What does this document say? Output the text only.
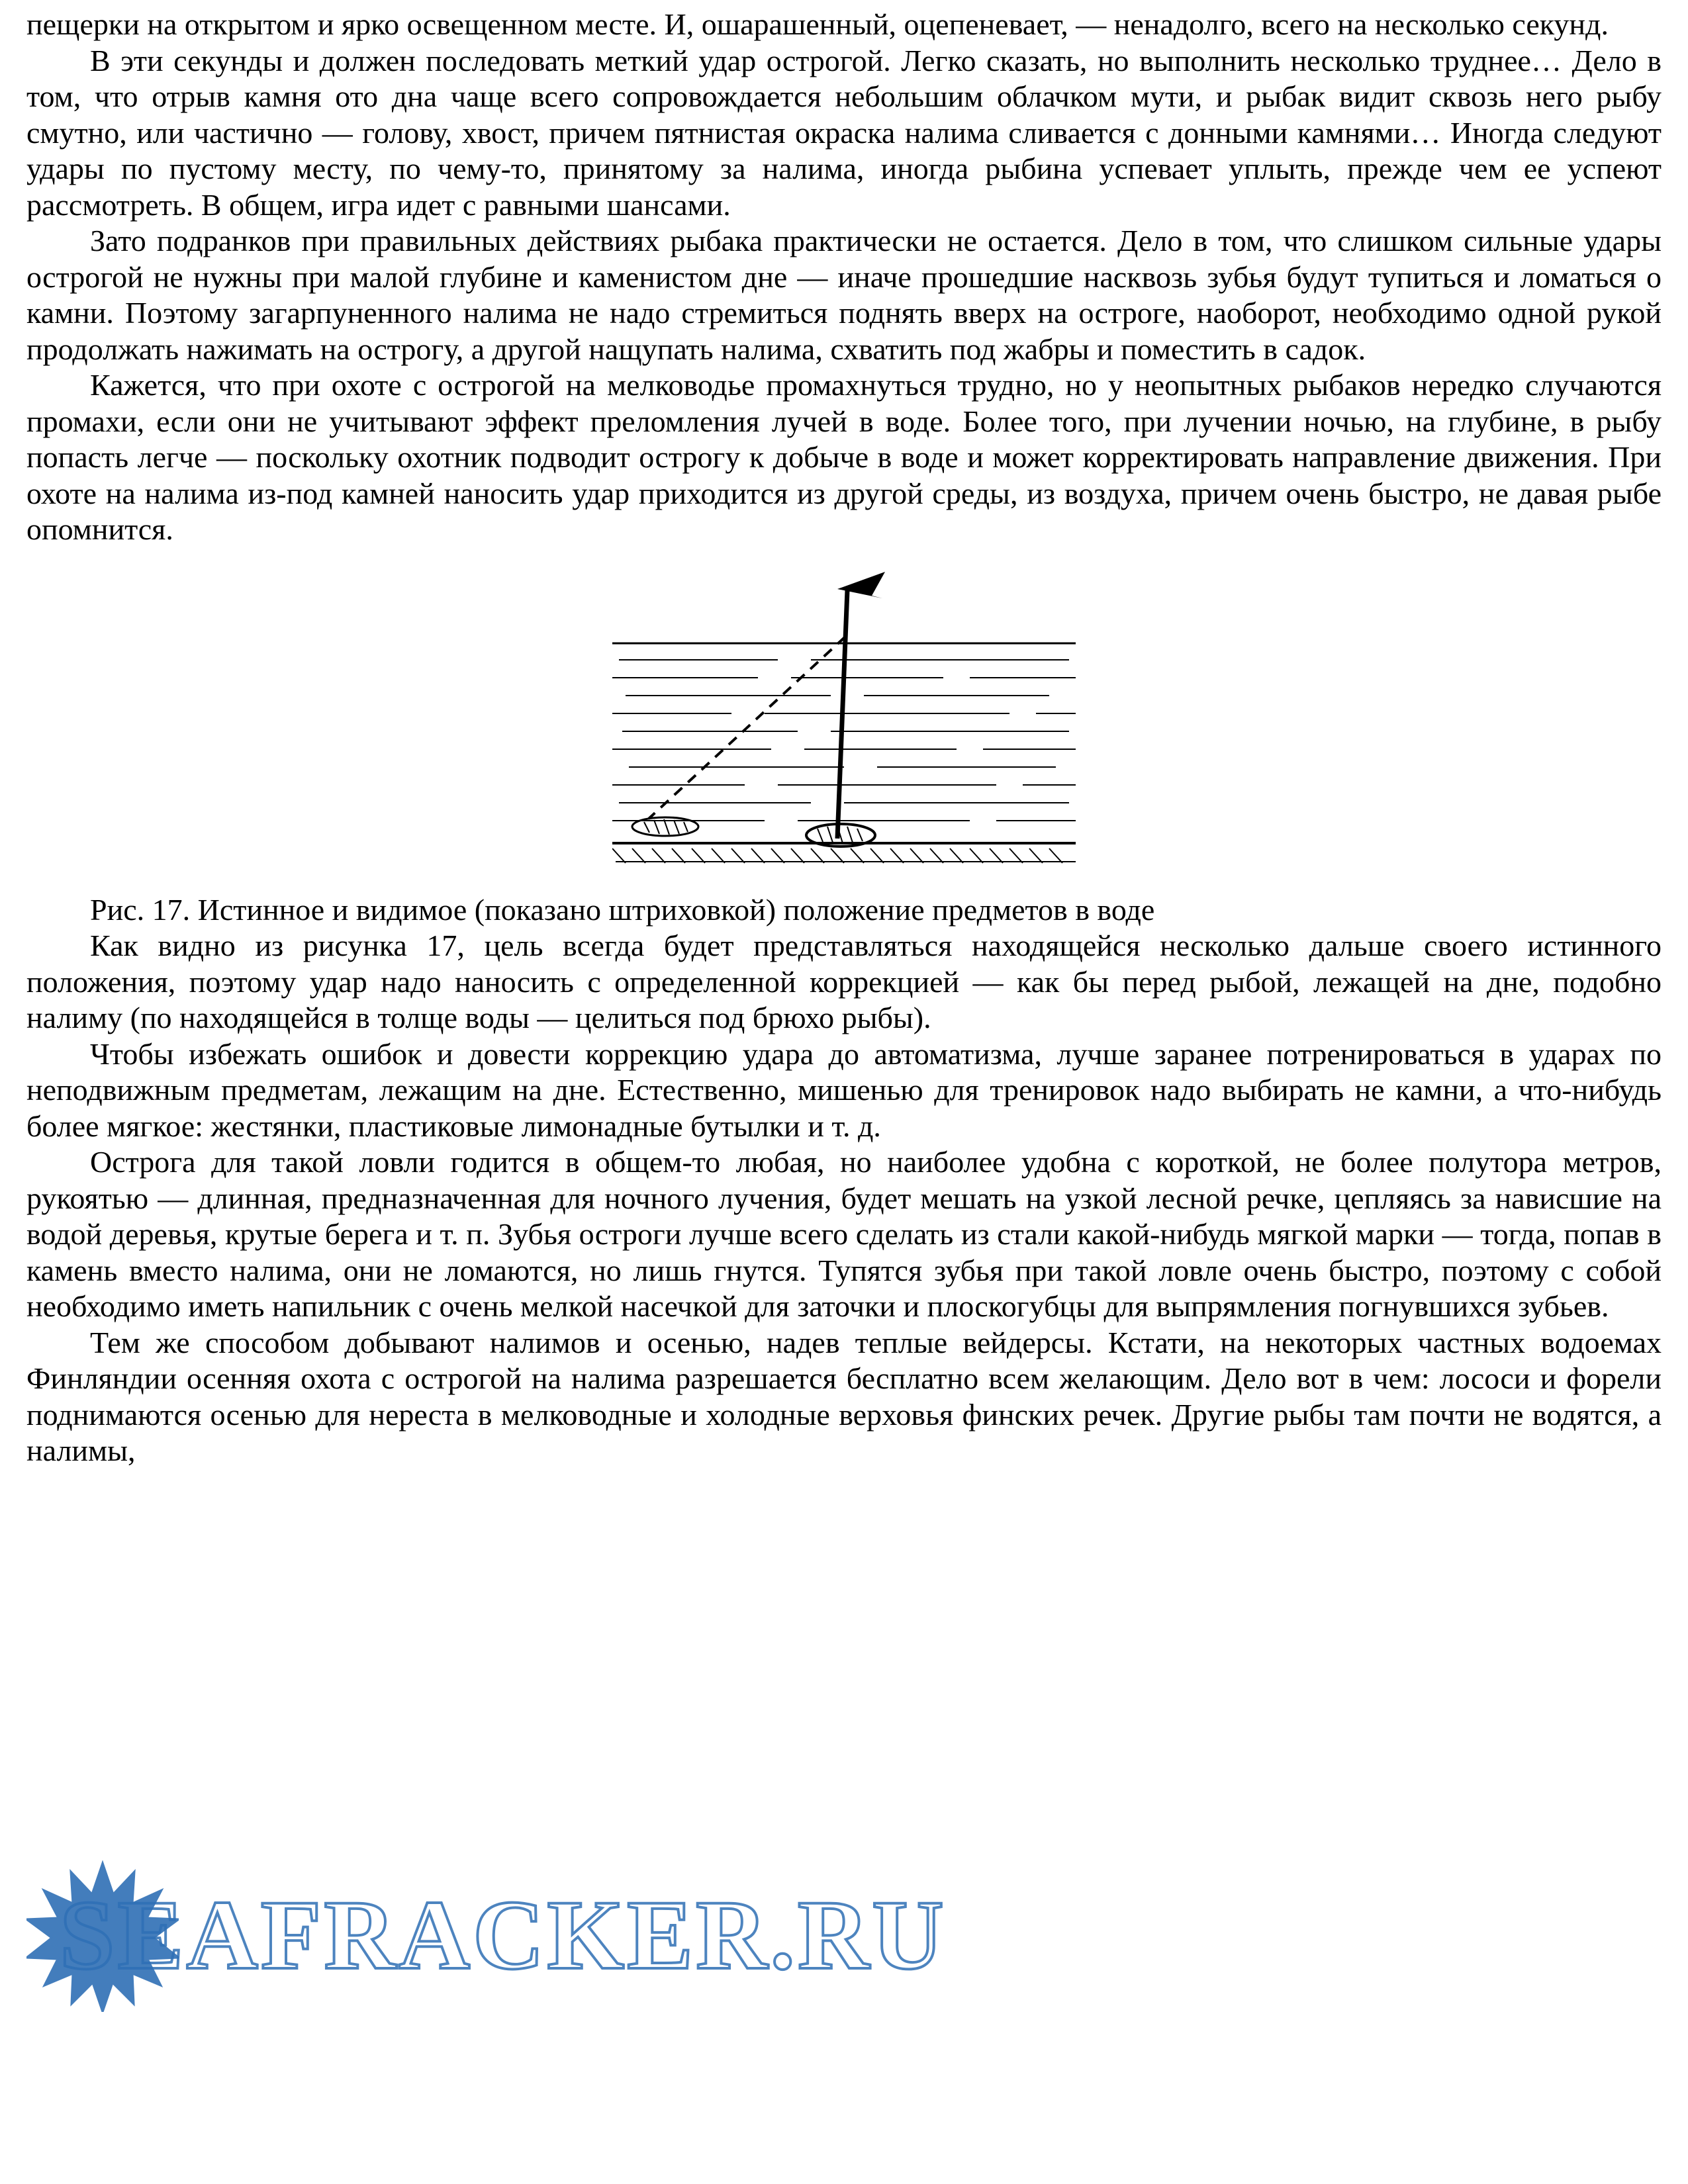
пещерки на открытом и ярко освещенном месте. И, ошарашенный, оцепеневает, — ненадолго, всего на несколько секунд.

В эти секунды и должен последовать меткий удар острогой. Легко сказать, но выполнить несколько труднее… Дело в том, что отрыв камня ото дна чаще всего сопровождается небольшим облачком мути, и рыбак видит сквозь него рыбу смутно, или частично — голову, хвост, причем пятнистая окраска налима сливается с донными камнями… Иногда следуют удары по пустому месту, по чему-то, принятому за налима, иногда рыбина успевает уплыть, прежде чем ее успеют рассмотреть. В общем, игра идет с равными шансами.

Зато подранков при правильных действиях рыбака практически не остается. Дело в том, что слишком сильные удары острогой не нужны при малой глубине и каменистом дне — иначе прошедшие насквозь зубья будут тупиться и ломаться о камни. Поэтому загарпуненного налима не надо стремиться поднять вверх на остроге, наоборот, необходимо одной рукой продолжать нажимать на острогу, а другой нащупать налима, схватить под жабры и поместить в садок.

Кажется, что при охоте с острогой на мелководье промахнуться трудно, но у неопытных рыбаков нередко случаются промахи, если они не учитывают эффект преломления лучей в воде. Более того, при лучении ночью, на глубине, в рыбу попасть легче — поскольку охотник подводит острогу к добыче в воде и может корректировать направление движения. При охоте на налима из-под камней наносить удар приходится из другой среды, из воздуха, причем очень быстро, не давая рыбе опомнится.

Рис. 17. Истинное и видимое (показано штриховкой) положение предметов в воде

Как видно из рисунка 17, цель всегда будет представляться находящейся несколько дальше своего истинного положения, поэтому удар надо наносить с определенной коррекцией — как бы перед рыбой, лежащей на дне, подобно налиму (по находящейся в толще воды — целиться под брюхо рыбы).

Чтобы избежать ошибок и довести коррекцию удара до автоматизма, лучше заранее потренироваться в ударах по неподвижным предметам, лежащим на дне. Естественно, мишенью для тренировок надо выбирать не камни, а что-нибудь более мягкое: жестянки, пластиковые лимонадные бутылки и т. д.

Острога для такой ловли годится в общем-то любая, но наиболее удобна с короткой, не более полутора метров, рукоятью — длинная, предназначенная для ночного лучения, будет мешать на узкой лесной речке, цепляясь за нависшие на водой деревья, крутые берега и т. п. Зубья остроги лучше всего сделать из стали какой-нибудь мягкой марки — тогда, попав в камень вместо налима, они не ломаются, но лишь гнутся. Тупятся зубья при такой ловле очень быстро, поэтому с собой необходимо иметь напильник с очень мелкой насечкой для заточки и плоскогубцы для выпрямления погнувшихся зубьев.

Тем же способом добывают налимов и осенью, надев теплые вейдерсы. Кстати, на некоторых частных водоемах Финляндии осенняя охота с острогой на налима разрешается бесплатно всем желающим. Дело вот в чем: лососи и форели поднимаются осенью для нереста в мелководные и холодные верховья финских речек. Другие рыбы там почти не водятся, а налимы,

SEAFRACKER.RU
